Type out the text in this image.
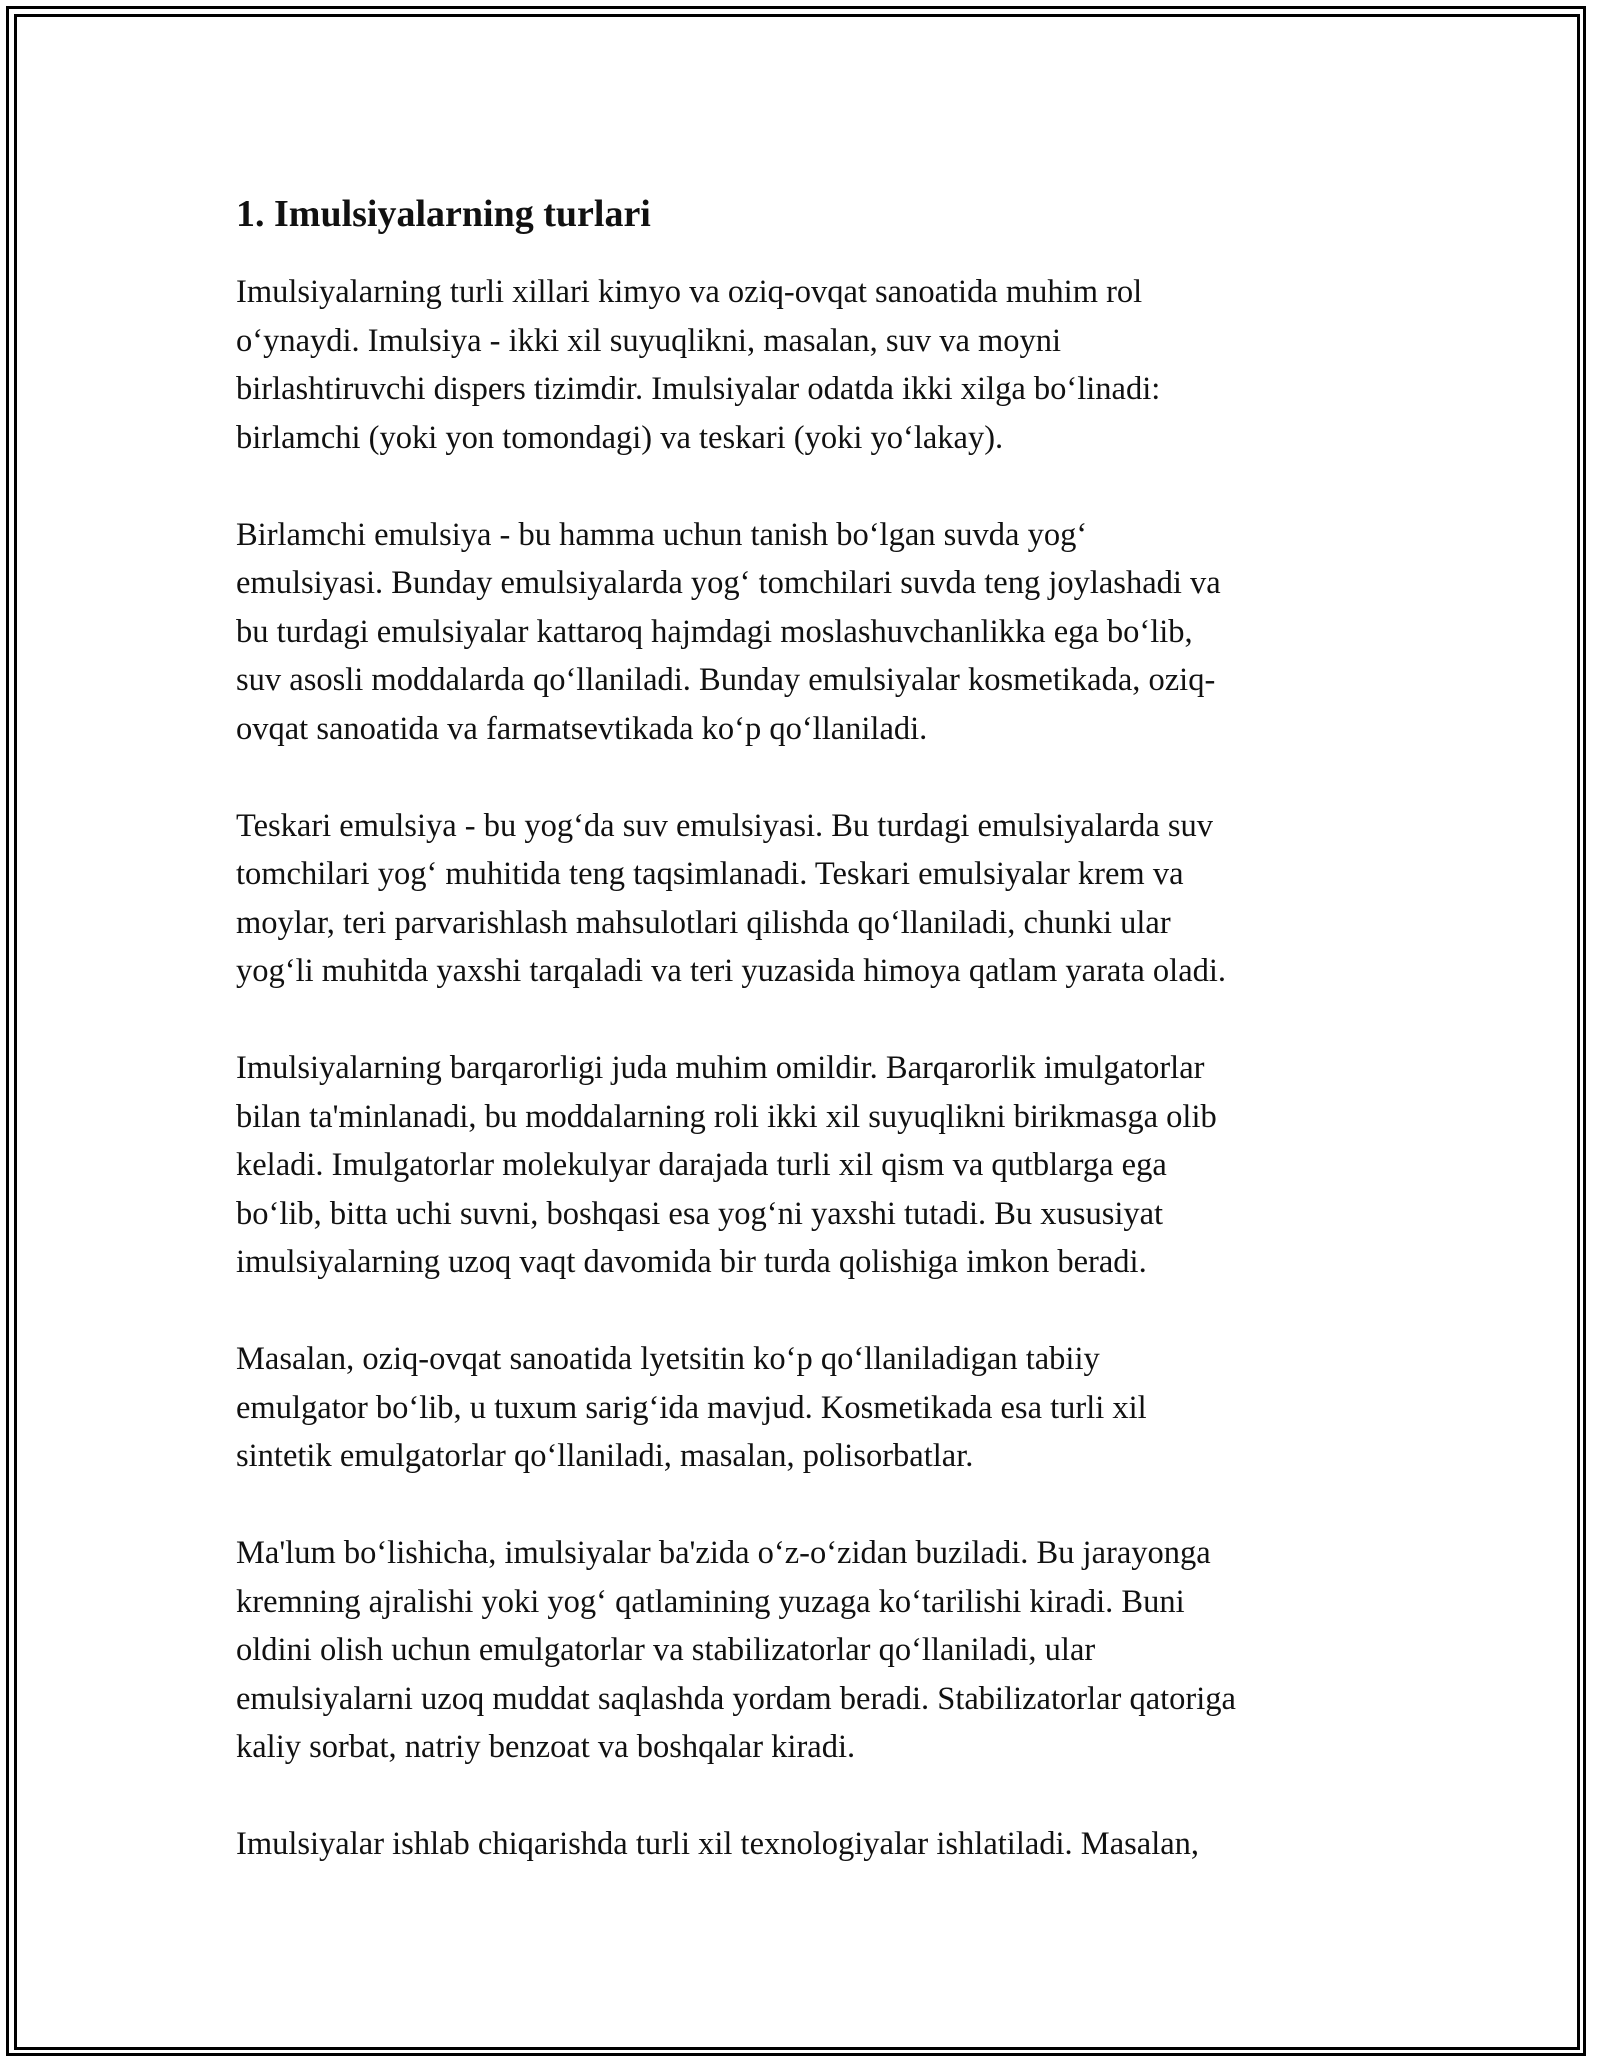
1. Imulsiyalarning turlari

Imulsiyalarning turli xillari kimyo va oziq-ovqat sanoatida muhim rol
o‘ynaydi. Imulsiya - ikki xil suyuqlikni, masalan, suv va moyni
birlashtiruvchi dispers tizimdir. Imulsiyalar odatda ikki xilga bo‘linadi:
birlamchi (yoki yon tomondagi) va teskari (yoki yo‘lakay).

Birlamchi emulsiya - bu hamma uchun tanish bo‘lgan suvda yog‘
emulsiyasi. Bunday emulsiyalarda yog‘ tomchilari suvda teng joylashadi va
bu turdagi emulsiyalar kattaroq hajmdagi moslashuvchanlikka ega bo‘lib,
suv asosli moddalarda qo‘llaniladi. Bunday emulsiyalar kosmetikada, oziq-
ovqat sanoatida va farmatsevtikada ko‘p qo‘llaniladi.

Teskari emulsiya - bu yog‘da suv emulsiyasi. Bu turdagi emulsiyalarda suv
tomchilari yog‘ muhitida teng taqsimlanadi. Teskari emulsiyalar krem va
moylar, teri parvarishlash mahsulotlari qilishda qo‘llaniladi, chunki ular
yog‘li muhitda yaxshi tarqaladi va teri yuzasida himoya qatlam yarata oladi.

Imulsiyalarning barqarorligi juda muhim omildir. Barqarorlik imulgatorlar
bilan ta'minlanadi, bu moddalarning roli ikki xil suyuqlikni birikmasga olib
keladi. Imulgatorlar molekulyar darajada turli xil qism va qutblarga ega
bo‘lib, bitta uchi suvni, boshqasi esa yog‘ni yaxshi tutadi. Bu xususiyat
imulsiyalarning uzoq vaqt davomida bir turda qolishiga imkon beradi.

Masalan, oziq-ovqat sanoatida lyetsitin ko‘p qo‘llaniladigan tabiiy
emulgator bo‘lib, u tuxum sarig‘ida mavjud. Kosmetikada esa turli xil
sintetik emulgatorlar qo‘llaniladi, masalan, polisorbatlar.

Ma'lum bo‘lishicha, imulsiyalar ba'zida o‘z-o‘zidan buziladi. Bu jarayonga
kremning ajralishi yoki yog‘ qatlamining yuzaga ko‘tarilishi kiradi. Buni
oldini olish uchun emulgatorlar va stabilizatorlar qo‘llaniladi, ular
emulsiyalarni uzoq muddat saqlashda yordam beradi. Stabilizatorlar qatoriga
kaliy sorbat, natriy benzoat va boshqalar kiradi.

Imulsiyalar ishlab chiqarishda turli xil texnologiyalar ishlatiladi. Masalan,
